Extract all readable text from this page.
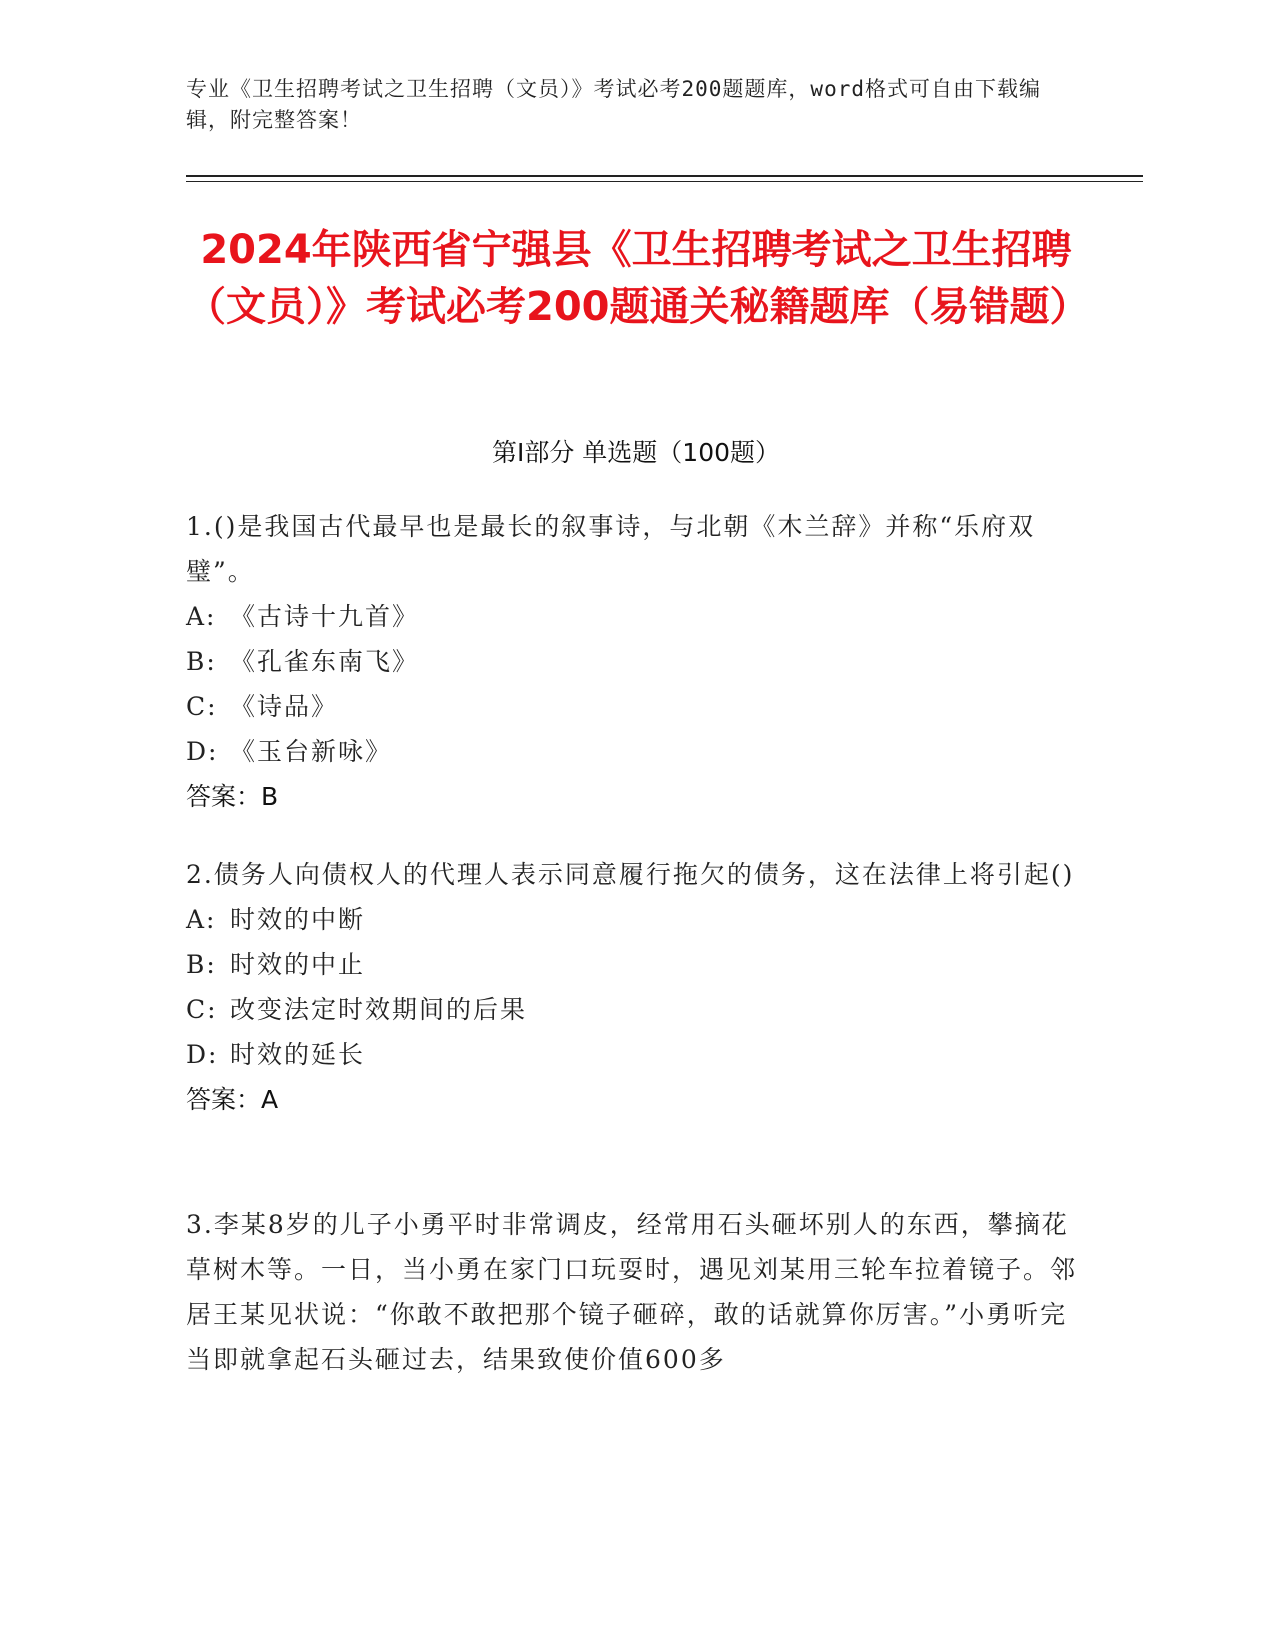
专业《卫生招聘考试之卫生招聘（文员）》考试必考200题题库，word格式可自由下载编辑，附完整答案！
2024年陕西省宁强县《卫生招聘考试之卫生招聘（文员）》考试必考200题通关秘籍题库（易错题）
第I部分 单选题（100题）

1.()是我国古代最早也是最长的叙事诗，与北朝《木兰辞》并称“乐府双璧”。

A: 《古诗十九首》

B: 《孔雀东南飞》

C: 《诗品》

D: 《玉台新咏》

答案：B

2.债务人向债权人的代理人表示同意履行拖欠的债务，这在法律上将引起()

A: 时效的中断

B: 时效的中止

C: 改变法定时效期间的后果

D: 时效的延长

答案：A

3.李某8岁的儿子小勇平时非常调皮，经常用石头砸坏别人的东西，攀摘花草树木等。一日，当小勇在家门口玩耍时，遇见刘某用三轮车拉着镜子。邻居王某见状说：“你敢不敢把那个镜子砸碎，敢的话就算你厉害。”小勇听完当即就拿起石头砸过去，结果致使价值600多
